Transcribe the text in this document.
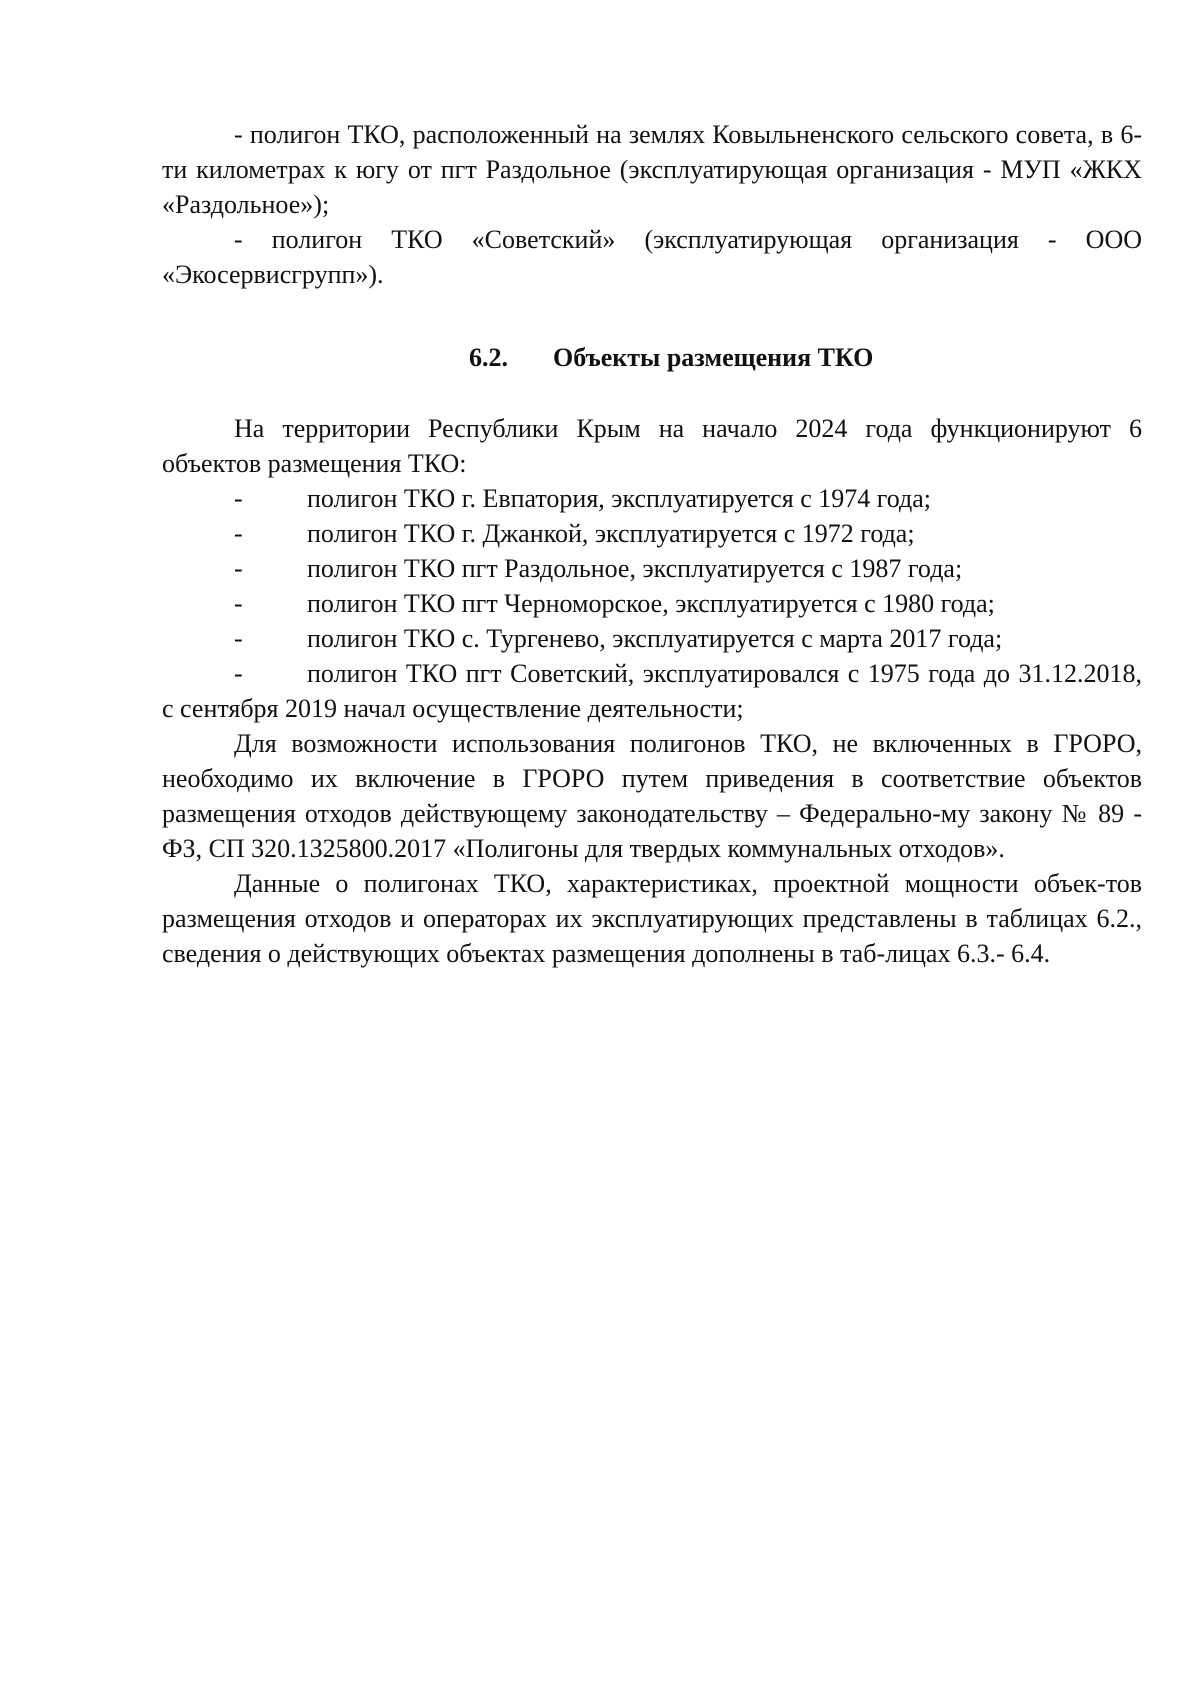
- полигон ТКО, расположенный на землях Ковыльненского сельского совета, в 6-ти километрах к югу от пгт Раздольное (эксплуатирующая организация - МУП «ЖКХ «Раздольное»);

- полигон ТКО «Советский» (эксплуатирующая организация - ООО «Экосервисгрупп»).

6.2. Объекты размещения ТКО

На территории Республики Крым на начало 2024 года функционируют 6 объектов размещения ТКО:

- полигон ТКО г. Евпатория, эксплуатируется с 1974 года;
- полигон ТКО г. Джанкой, эксплуатируется с 1972 года;
- полигон ТКО пгт Раздольное, эксплуатируется с 1987 года;
- полигон ТКО пгт Черноморское, эксплуатируется с 1980 года;
- полигон ТКО с. Тургенево, эксплуатируется с марта 2017 года;
- полигон ТКО пгт Советский, эксплуатировался с 1975 года до 31.12.2018, с сентября 2019 начал осуществление деятельности;

Для возможности использования полигонов ТКО, не включенных в ГРОРО, необходимо их включение в ГРОРО путем приведения в соответствие объектов размещения отходов действующему законодательству – Федерально-му закону № 89 - ФЗ, СП 320.1325800.2017 «Полигоны для твердых коммунальных отходов».

Данные о полигонах ТКО, характеристиках, проектной мощности объек-тов размещения отходов и операторах их эксплуатирующих представлены в таблицах 6.2., сведения о действующих объектах размещения дополнены в таб-лицах 6.3.- 6.4.
